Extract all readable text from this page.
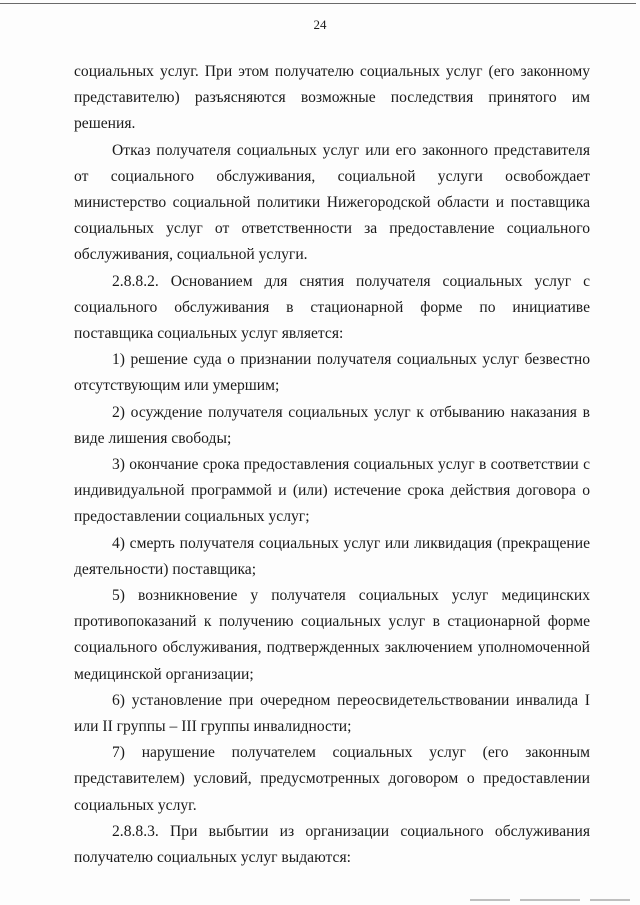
24

социальных услуг. При этом получателю социальных услуг (его законному представителю) разъясняются возможные последствия принятого им решения.

Отказ получателя социальных услуг или его законного представителя от социального обслуживания, социальной услуги освобождает министерство социальной политики Нижегородской области и поставщика социальных услуг от ответственности за предоставление социального обслуживания, социальной услуги.

2.8.8.2. Основанием для снятия получателя социальных услуг с социального обслуживания в стационарной форме по инициативе поставщика социальных услуг является:

1) решение суда о признании получателя социальных услуг безвестно отсутствующим или умершим;

2) осуждение получателя социальных услуг к отбыванию наказания в виде лишения свободы;

3) окончание срока предоставления социальных услуг в соответствии с индивидуальной программой и (или) истечение срока действия договора о предоставлении социальных услуг;

4) смерть получателя социальных услуг или ликвидация (прекращение деятельности) поставщика;

5) возникновение у получателя социальных услуг медицинских противопоказаний к получению социальных услуг в стационарной форме социального обслуживания, подтвержденных заключением уполномоченной медицинской организации;

6) установление при очередном переосвидетельствовании инвалида I или II группы – III группы инвалидности;

7) нарушение получателем социальных услуг (его законным представителем) условий, предусмотренных договором о предоставлении социальных услуг.

2.8.8.3. При выбытии из организации социального обслуживания получателю социальных услуг выдаются:
